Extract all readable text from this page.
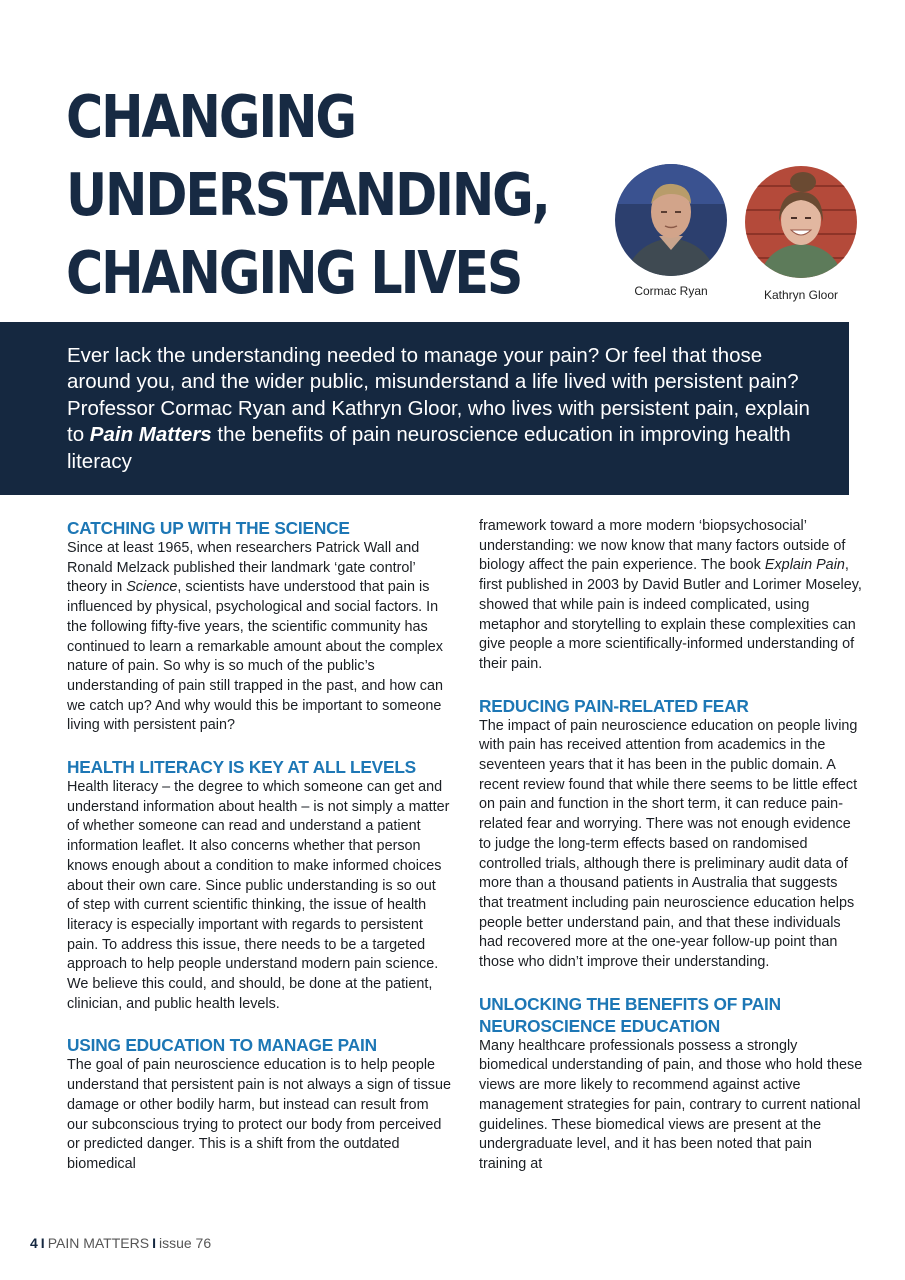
CHANGING
UNDERSTANDING,
CHANGING LIVES	Cormac Ryan	Kathryn Gloor

Ever lack the understanding needed to manage your pain? Or feel that those around you, and the wider public, misunderstand a life lived with persistent pain? Professor Cormac Ryan and Kathryn Gloor, who lives with persistent pain, explain to Pain Matters the benefits of pain neuroscience education in improving health literacy

CATCHING UP WITH THE SCIENCE

Since at least 1965, when researchers Patrick Wall and Ronald Melzack published their landmark ‘gate control’ theory in Science, scientists have understood that pain is influenced by physical, psychological and social factors. In the following fifty-five years, the scientific community has continued to learn a remarkable amount about the complex nature of pain. So why is so much of the public’s understanding of pain still trapped in the past, and how can we catch up? And why would this be important to someone living with persistent pain?

HEALTH LITERACY IS KEY AT ALL LEVELS

Health literacy – the degree to which someone can get and understand information about health – is not simply a matter of whether someone can read and understand a patient information leaflet. It also concerns whether that person knows enough about a condition to make informed choices about their own care. Since public understanding is so out of step with current scientific thinking, the issue of health literacy is especially important with regards to persistent pain. To address this issue, there needs to be a targeted approach to help people understand modern pain science. We believe this could, and should, be done at the patient, clinician, and public health levels.

USING EDUCATION TO MANAGE PAIN

The goal of pain neuroscience education is to help people understand that persistent pain is not always a sign of tissue damage or other bodily harm, but instead can result from our subconscious trying to protect our body from perceived or predicted danger. This is a shift from the outdated biomedical

framework toward a more modern ‘biopsychosocial’ understanding: we now know that many factors outside of biology affect the pain experience. The book Explain Pain, first published in 2003 by David Butler and Lorimer Moseley, showed that while pain is indeed complicated, using metaphor and storytelling to explain these complexities can give people a more scientifically-informed understanding of their pain.

REDUCING PAIN-RELATED FEAR

The impact of pain neuroscience education on people living with pain has received attention from academics in the seventeen years that it has been in the public domain. A recent review found that while there seems to be little effect on pain and function in the short term, it can reduce pain-related fear and worrying. There was not enough evidence to judge the long-term effects based on randomised controlled trials, although there is preliminary audit data of more than a thousand patients in Australia that suggests that treatment including pain neuroscience education helps people better understand pain, and that these individuals had recovered more at the one-year follow-up point than those who didn’t improve their understanding.

UNLOCKING THE BENEFITS OF PAIN NEUROSCIENCE EDUCATION

Many healthcare professionals possess a strongly biomedical understanding of pain, and those who hold these views are more likely to recommend against active management strategies for pain, contrary to current national guidelines. These biomedical views are present at the undergraduate level, and it has been noted that pain training at

4 I PAIN MATTERS I issue 76
